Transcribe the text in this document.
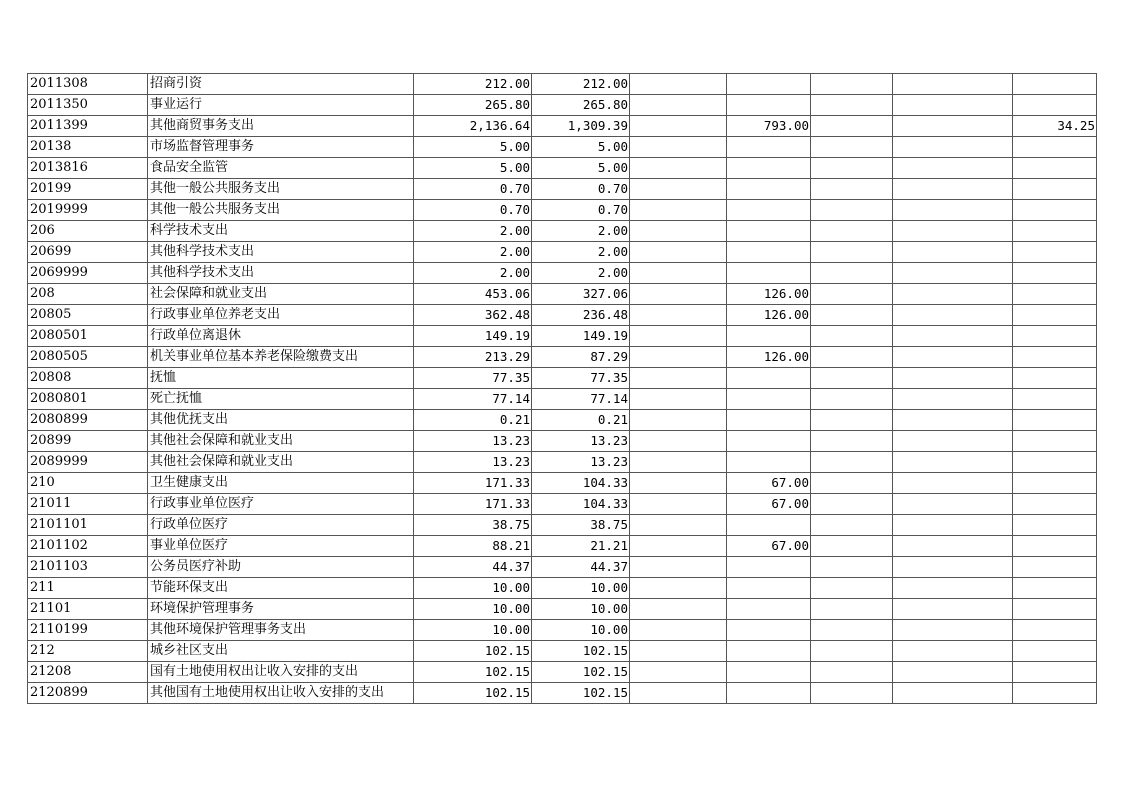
2011308	招商引资	212.00	212.00					
2011350	事业运行	265.80	265.80					
2011399	其他商贸事务支出	2,136.64	1,309.39		793.00			34.25
20138	市场监督管理事务	5.00	5.00					
2013816	食品安全监管	5.00	5.00					
20199	其他一般公共服务支出	0.70	0.70					
2019999	其他一般公共服务支出	0.70	0.70					
206	科学技术支出	2.00	2.00					
20699	其他科学技术支出	2.00	2.00					
2069999	其他科学技术支出	2.00	2.00					
208	社会保障和就业支出	453.06	327.06		126.00			
20805	行政事业单位养老支出	362.48	236.48		126.00			
2080501	行政单位离退休	149.19	149.19					
2080505	机关事业单位基本养老保险缴费支出	213.29	87.29		126.00			
20808	抚恤	77.35	77.35					
2080801	死亡抚恤	77.14	77.14					
2080899	其他优抚支出	0.21	0.21					
20899	其他社会保障和就业支出	13.23	13.23					
2089999	其他社会保障和就业支出	13.23	13.23					
210	卫生健康支出	171.33	104.33		67.00			
21011	行政事业单位医疗	171.33	104.33		67.00			
2101101	行政单位医疗	38.75	38.75					
2101102	事业单位医疗	88.21	21.21		67.00			
2101103	公务员医疗补助	44.37	44.37					
211	节能环保支出	10.00	10.00					
21101	环境保护管理事务	10.00	10.00					
2110199	其他环境保护管理事务支出	10.00	10.00					
212	城乡社区支出	102.15	102.15					
21208	国有土地使用权出让收入安排的支出	102.15	102.15					
2120899	其他国有土地使用权出让收入安排的支出	102.15	102.15					
